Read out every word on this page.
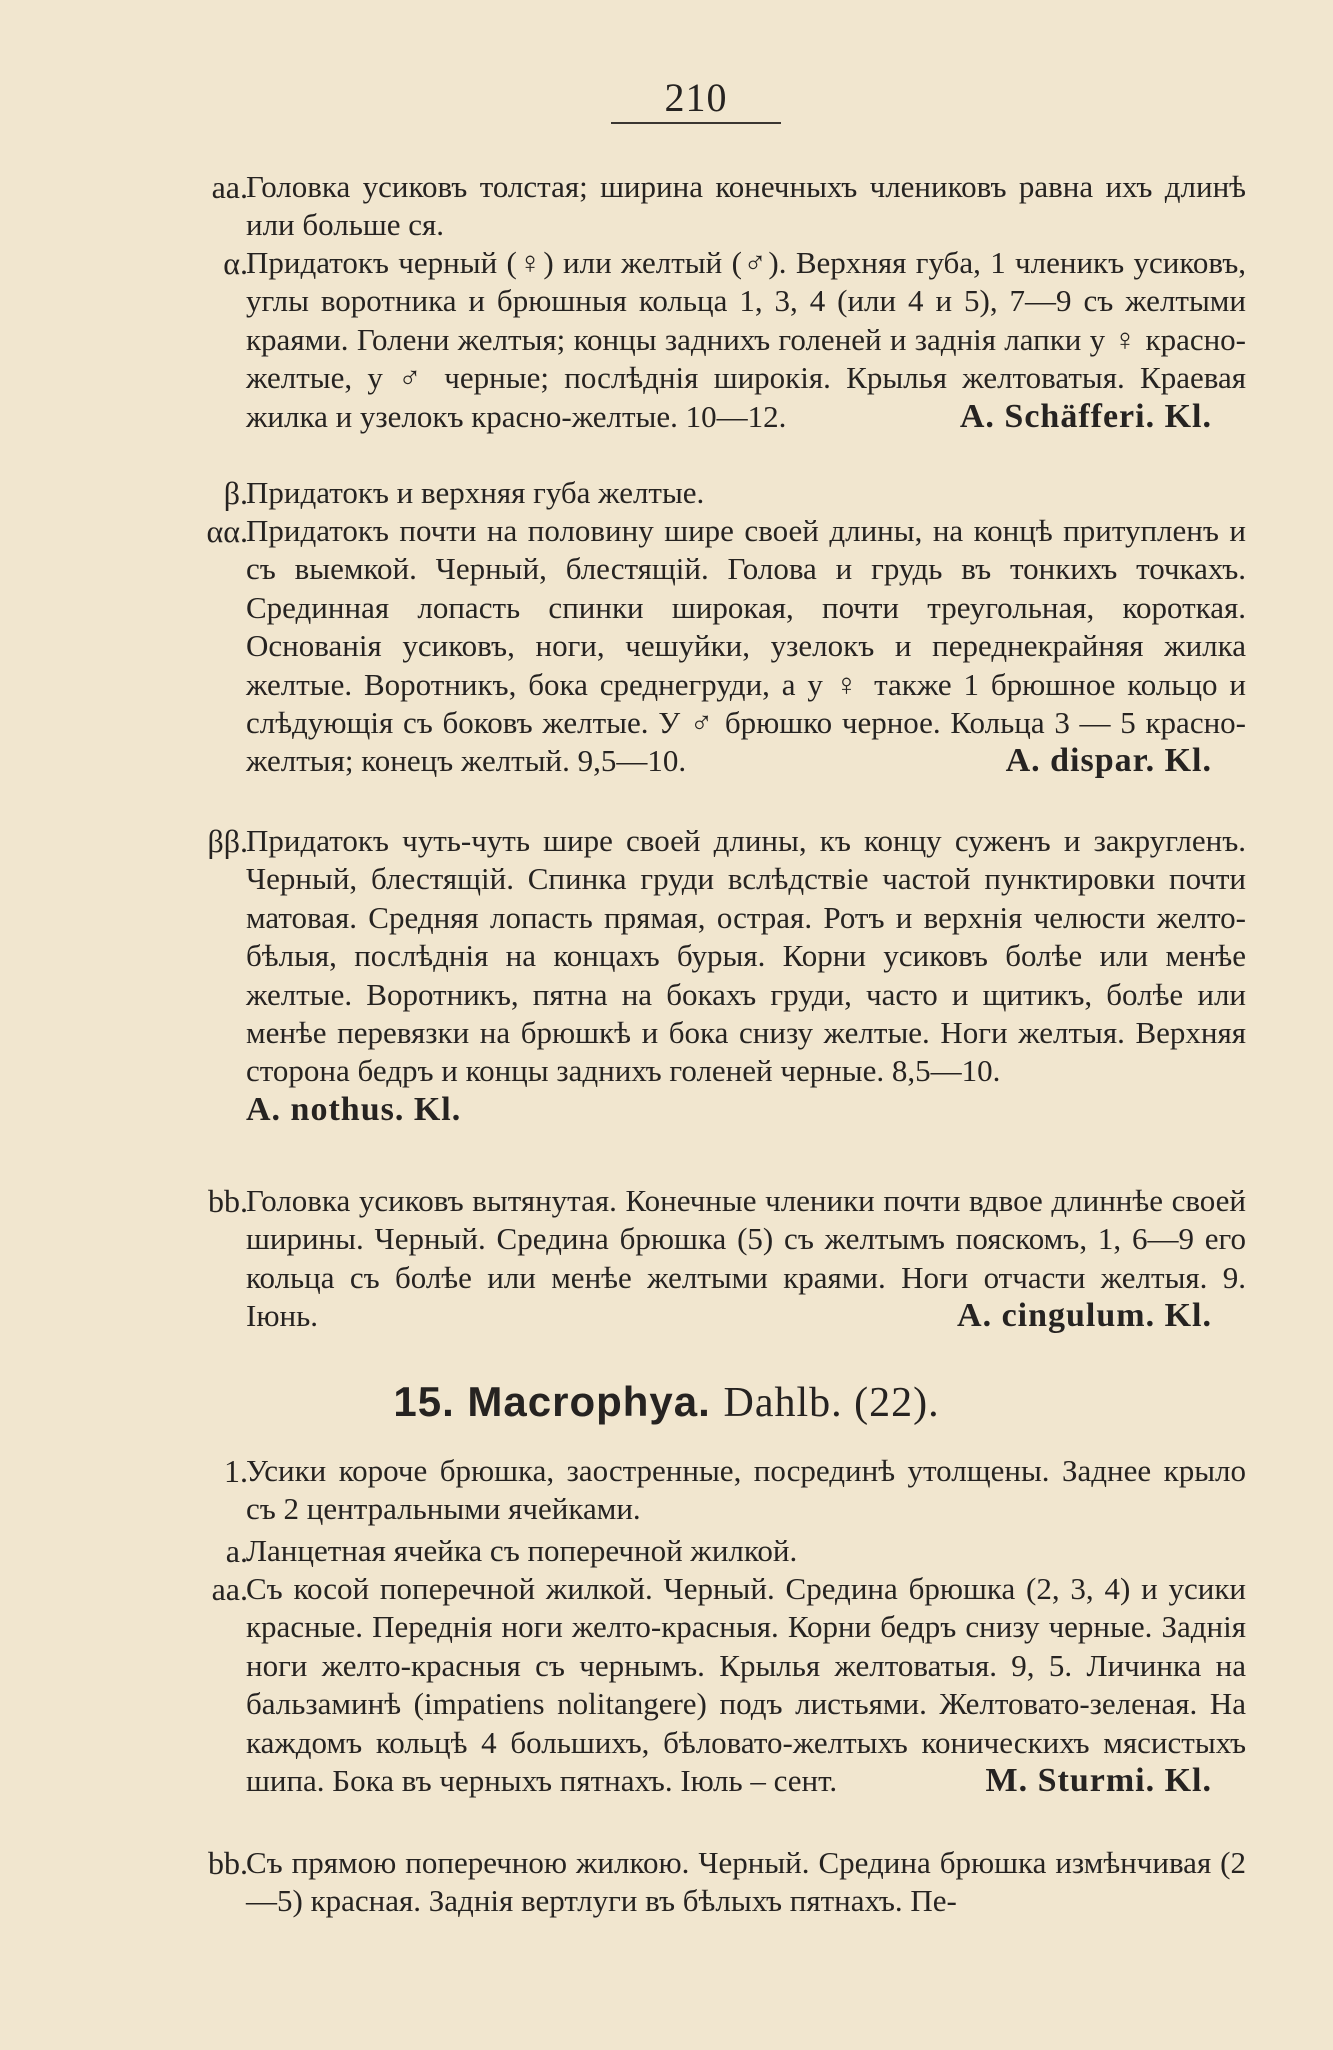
210
aa.
Головка усиковъ толстая; ширина конечныхъ члениковъ равна ихъ длинѣ или больше ся.
α.
Придатокъ черный (♀) или желтый (♂). Верхняя губа, 1 членикъ усиковъ, углы воротника и брюшныя кольца 1, 3, 4 (или 4 и 5), 7—9 съ желтыми краями. Голени желтыя; концы заднихъ голеней и заднія лапки у ♀ красно-желтые, у ♂ черные; послѣднія широкія. Крылья желтоватыя. Краевая жилка и узелокъ красно-желтые. 10—12.	A. Schäfferi. Kl.
β.
Придатокъ и верхняя губа желтые.
αα.
Придатокъ почти на половину шире своей длины, на концѣ притупленъ и съ выемкой. Черный, блестящій. Голова и грудь въ тонкихъ точкахъ. Срединная лопасть спинки широкая, почти треугольная, короткая. Основанія усиковъ, ноги, чешуйки, узелокъ и переднекрайняя жилка желтые. Воротникъ, бока среднегруди, а у ♀ также 1 брюшное кольцо и слѣдующія съ боковъ желтые. У ♂ брюшко черное. Кольца 3 — 5 красно-желтыя; конецъ желтый. 9,5—10.	A. dispar. Kl.
ββ.
Придатокъ чуть-чуть шире своей длины, къ концу суженъ и закругленъ. Черный, блестящій. Спинка груди вслѣдствіе частой пунктировки почти матовая. Средняя лопасть прямая, острая. Ротъ и верхнія челюсти желто-бѣлыя, послѣднія на концахъ бурыя. Корни усиковъ болѣе или менѣе желтые. Воротникъ, пятна на бокахъ груди, часто и щитикъ, болѣе или менѣе перевязки на брюшкѣ и бока снизу желтые. Ноги желтыя. Верхняя сторона бедръ и концы заднихъ голеней черные. 8,5—10.
A. nothus. Kl.
bb.
Головка усиковъ вытянутая. Конечные членики почти вдвое длиннѣе своей ширины. Черный. Средина брюшка (5) съ желтымъ пояскомъ, 1, 6—9 его кольца съ болѣе или менѣе желтыми краями. Ноги отчасти желтыя. 9. Іюнь.	A. cingulum. Kl.
15. Macrophya. Dahlb. (22).
1.
Усики короче брюшка, заостренные, посрединѣ утолщены. Заднее крыло съ 2 центральными ячейками.
a.
Ланцетная ячейка съ поперечной жилкой.
aa.
Съ косой поперечной жилкой. Черный. Средина брюшка (2, 3, 4) и усики красные. Переднія ноги желто-красныя. Корни бедръ снизу черные. Заднія ноги желто-красныя съ чернымъ. Крылья желтоватыя. 9, 5. Личинка на бальзаминѣ (impatiens nolitangere) подъ листьями. Желтовато-зеленая. На каждомъ кольцѣ 4 большихъ, бѣловато-желтыхъ коническихъ мясистыхъ шипа. Бока въ черныхъ пятнахъ. Іюль – сент.	M. Sturmi. Kl.
bb.
Съ прямою поперечною жилкою. Черный. Средина брюшка измѣнчивая (2—5) красная. Заднія вертлуги въ бѣлыхъ пятнахъ. Пе-
